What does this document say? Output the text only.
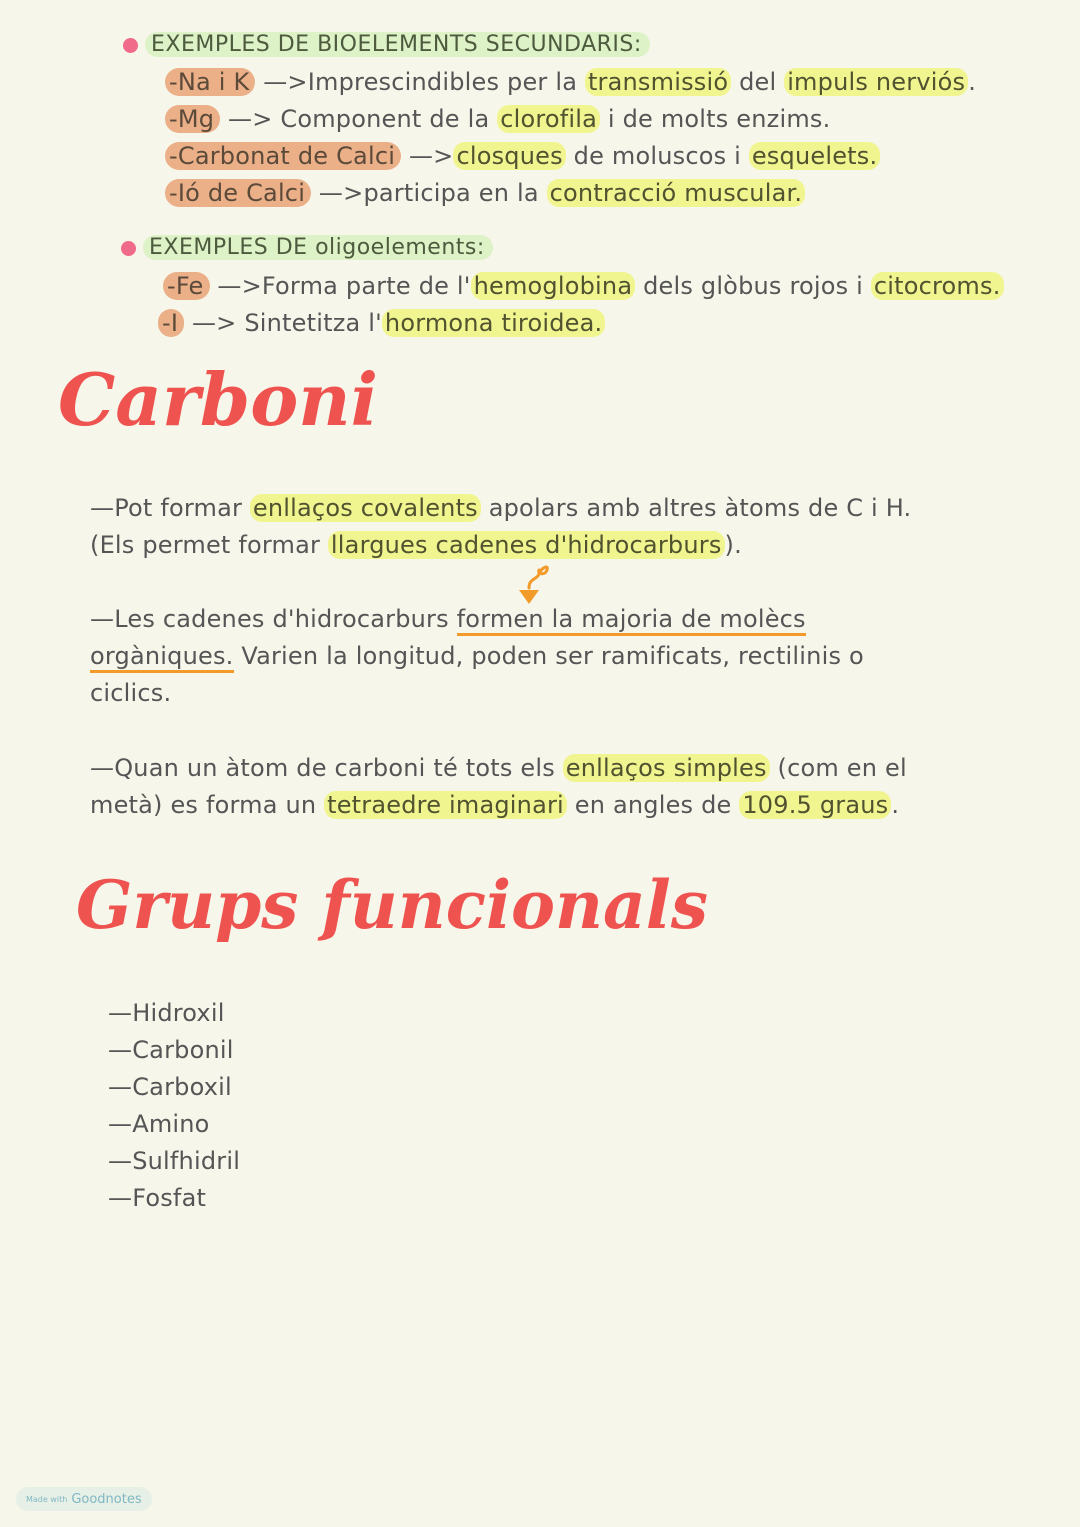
EXEMPLES DE BIOELEMENTS SECUNDARIS:
-Na i K —>Imprescindibles per la transmissió del impuls nerviós .
-Mg —> Component de la clorofila i de molts enzims.
-Carbonat de Calci —> closques de moluscos i esquelets.
-Ió de Calci —>participa en la contracció muscular.
EXEMPLES DE oligoelements:
-Fe —>Forma parte de l' hemoglobina dels glòbus rojos i citocroms.
-I —> Sintetitza l' hormona tiroidea.
Carboni
—Pot formar enllaços covalents apolars amb altres àtoms de C i H.
(Els permet formar llargues cadenes d'hidrocarburs ).
—Les cadenes d'hidrocarburs formen la majoria de molècs
orgàniques. Varien la longitud, poden ser ramificats, rectilinis o
ciclics.
—Quan un àtom de carboni té tots els enllaços simples (com en el
metà) es forma un tetraedre imaginari en angles de 109.5 graus .
Grups funcionals
—Hidroxil
—Carbonil
—Carboxil
—Amino
—Sulfhidril
—Fosfat
Made with Goodnotes
